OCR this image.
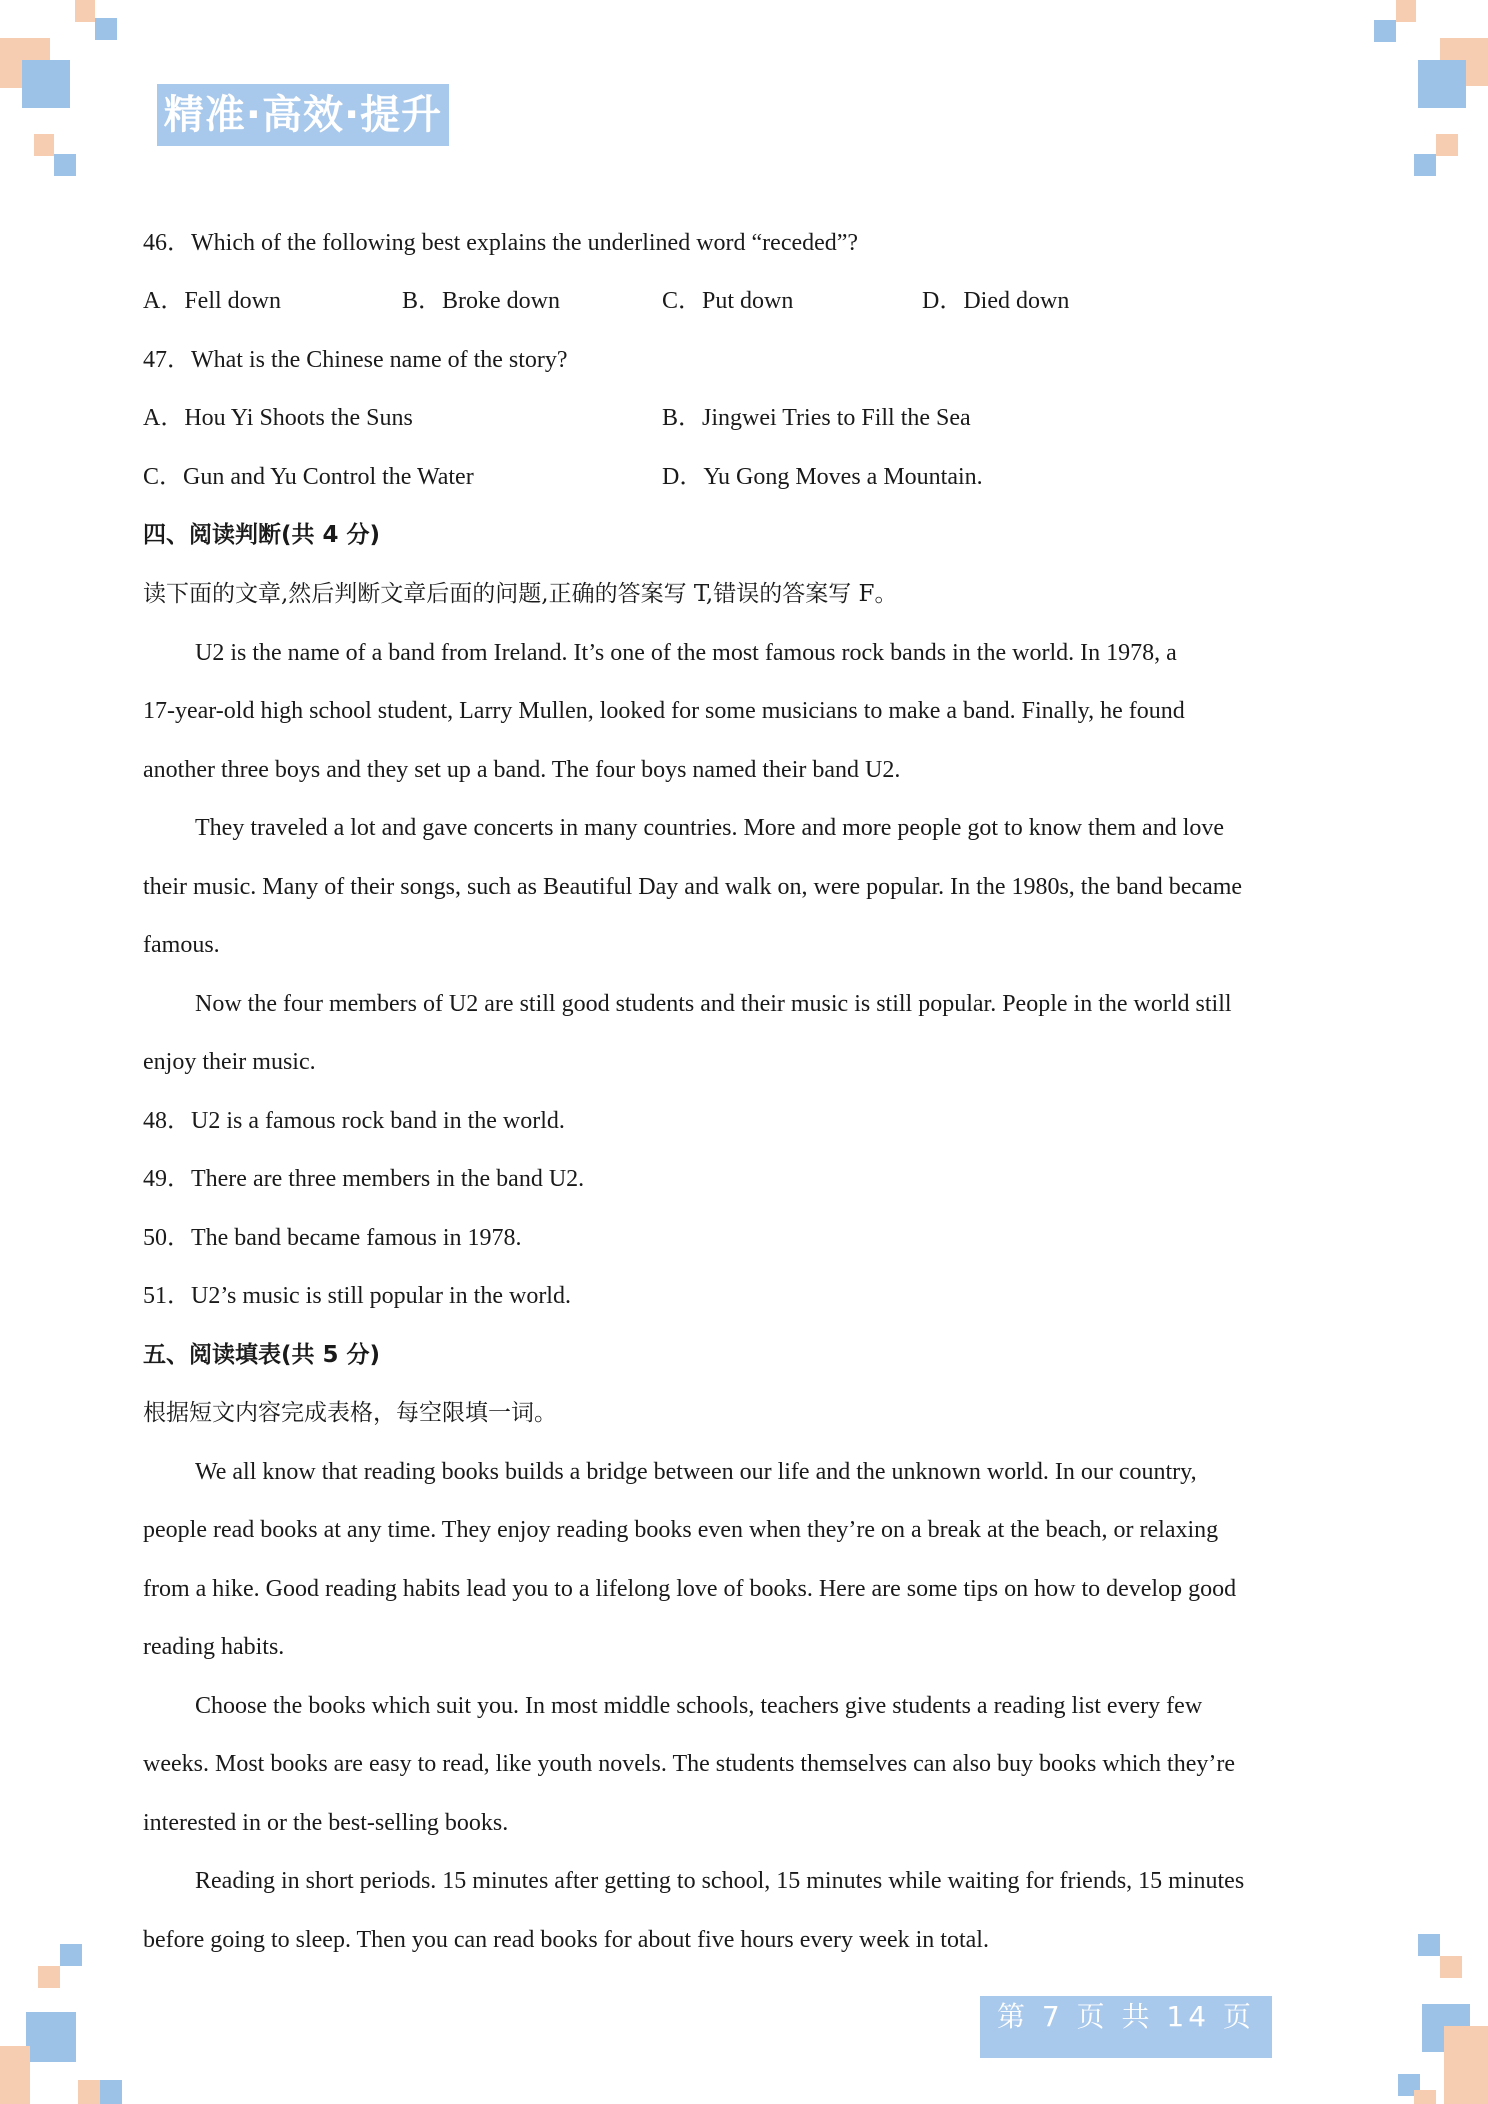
精准·高效·提升
46．Which of the following best explains the underlined word “receded”?
A．Fell down	B．Broke down	C．Put down	D．Died down
47．What is the Chinese name of the story?
A．Hou Yi Shoots the Suns	B．Jingwei Tries to Fill the Sea
C．Gun and Yu Control the Water	D．Yu Gong Moves a Mountain.
四、阅读判断(共 4 分)
读下面的文章,然后判断文章后面的问题,正确的答案写 T,错误的答案写 F。
U2 is the name of a band from Ireland. It’s one of the most famous rock bands in the world. In 1978, a
17-year-old high school student, Larry Mullen, looked for some musicians to make a band. Finally, he found
another three boys and they set up a band. The four boys named their band U2.
They traveled a lot and gave concerts in many countries. More and more people got to know them and love
their music. Many of their songs, such as Beautiful Day and walk on, were popular. In the 1980s, the band became
famous.
Now the four members of U2 are still good students and their music is still popular. People in the world still
enjoy their music.
48．U2 is a famous rock band in the world.
49．There are three members in the band U2.
50．The band became famous in 1978.
51．U2’s music is still popular in the world.
五、阅读填表(共 5 分)
根据短文内容完成表格，每空限填一词。
We all know that reading books builds a bridge between our life and the unknown world. In our country,
people read books at any time. They enjoy reading books even when they’re on a break at the beach, or relaxing
from a hike. Good reading habits lead you to a lifelong love of books. Here are some tips on how to develop good
reading habits.
Choose the books which suit you. In most middle schools, teachers give students a reading list every few
weeks. Most books are easy to read, like youth novels. The students themselves can also buy books which they’re
interested in or the best-selling books.
Reading in short periods. 15 minutes after getting to school, 15 minutes while waiting for friends, 15 minutes
before going to sleep. Then you can read books for about five hours every week in total.
第 7 页 共 14 页
